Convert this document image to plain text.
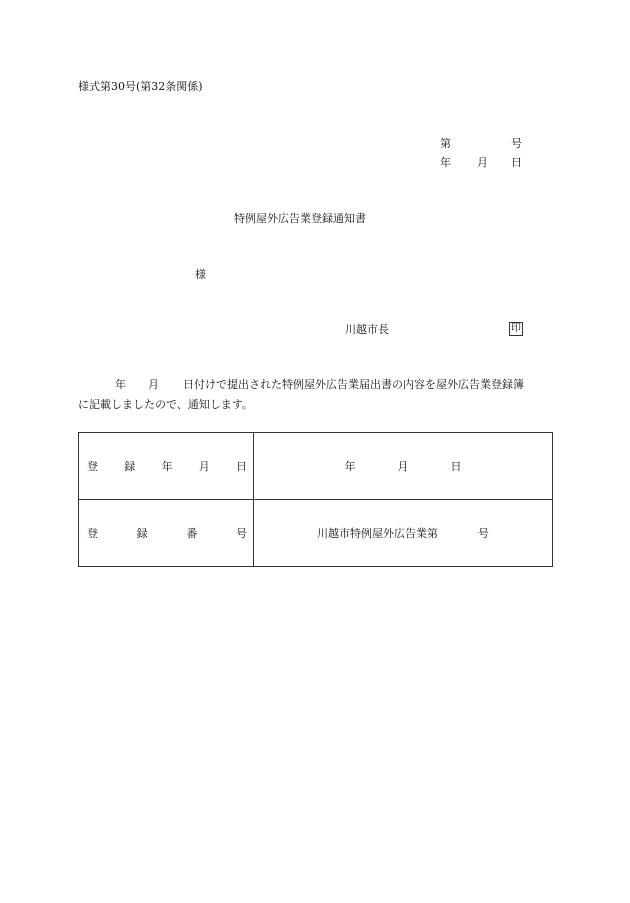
様式第30号(第32条関係)
第	号
年 月 日
特例屋外広告業登録通知書
様
川越市長	印
年 月 日付けで提出された特例屋外広告業届出書の内容を屋外広告業登録簿
に記載しましたので、通知します。
登 録 年 月 日	年 月 日

登 録 番 号	川越市特例屋外広告業第 号
